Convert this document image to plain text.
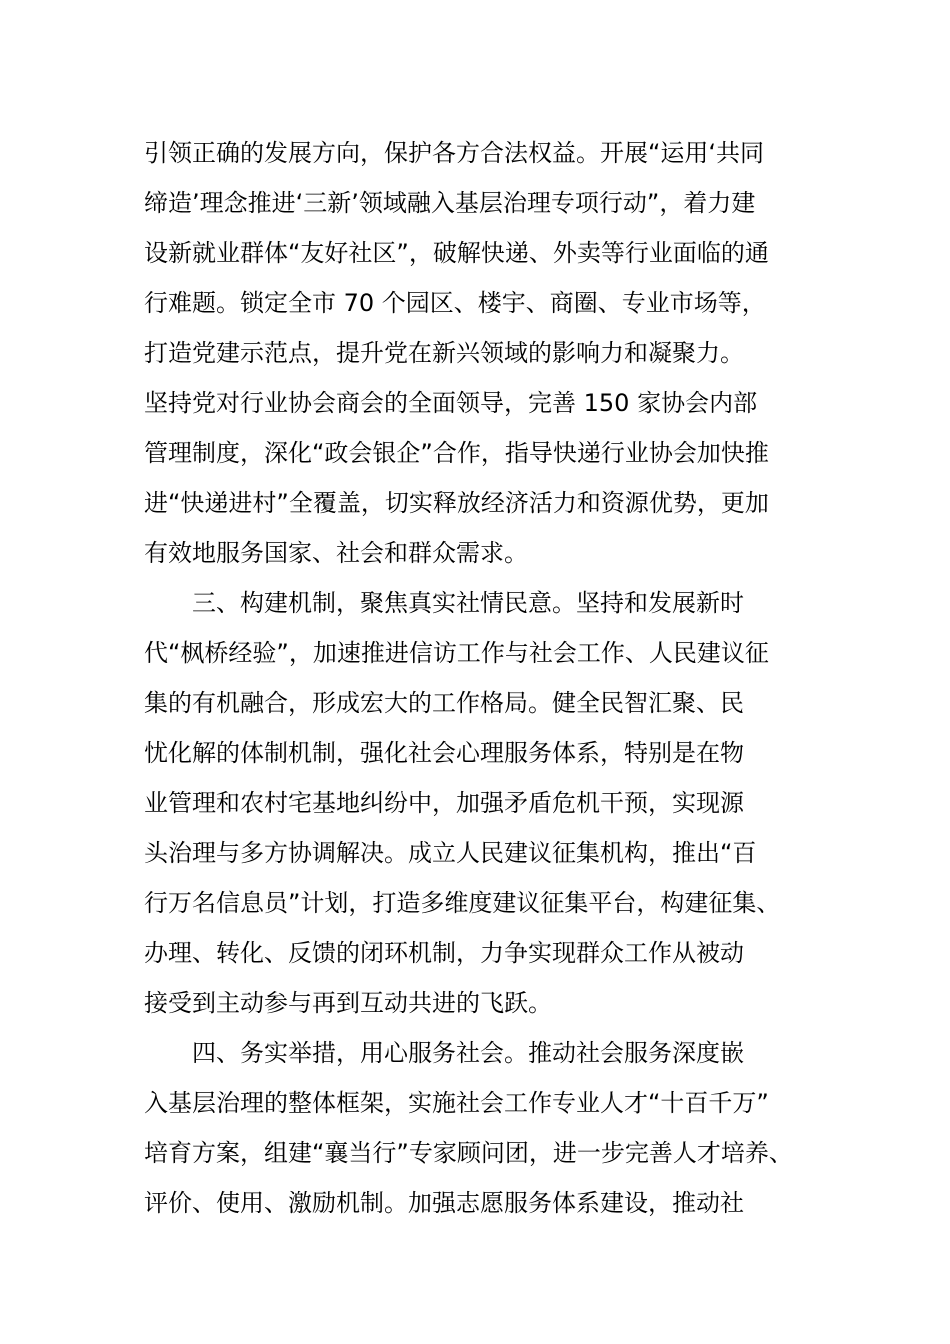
引领正确的发展方向，保护各方合法权益。开展“运用‘共同
缔造’理念推进‘三新’领域融入基层治理专项行动”，着力建
设新就业群体“友好社区”，破解快递、外卖等行业面临的通
行难题。锁定全市 70 个园区、楼宇、商圈、专业市场等，
打造党建示范点，提升党在新兴领域的影响力和凝聚力。
坚持党对行业协会商会的全面领导，完善 150 家协会内部
管理制度，深化“政会银企”合作，指导快递行业协会加快推
进“快递进村”全覆盖，切实释放经济活力和资源优势，更加
有效地服务国家、社会和群众需求。
三、构建机制，聚焦真实社情民意。坚持和发展新时
代“枫桥经验”，加速推进信访工作与社会工作、人民建议征
集的有机融合，形成宏大的工作格局。健全民智汇聚、民
忧化解的体制机制，强化社会心理服务体系，特别是在物
业管理和农村宅基地纠纷中，加强矛盾危机干预，实现源
头治理与多方协调解决。成立人民建议征集机构，推出“百
行万名信息员”计划，打造多维度建议征集平台，构建征集、
办理、转化、反馈的闭环机制，力争实现群众工作从被动
接受到主动参与再到互动共进的飞跃。
四、务实举措，用心服务社会。推动社会服务深度嵌
入基层治理的整体框架，实施社会工作专业人才“十百千万”
培育方案，组建“襄当行”专家顾问团，进一步完善人才培养、
评价、使用、激励机制。加强志愿服务体系建设，推动社
